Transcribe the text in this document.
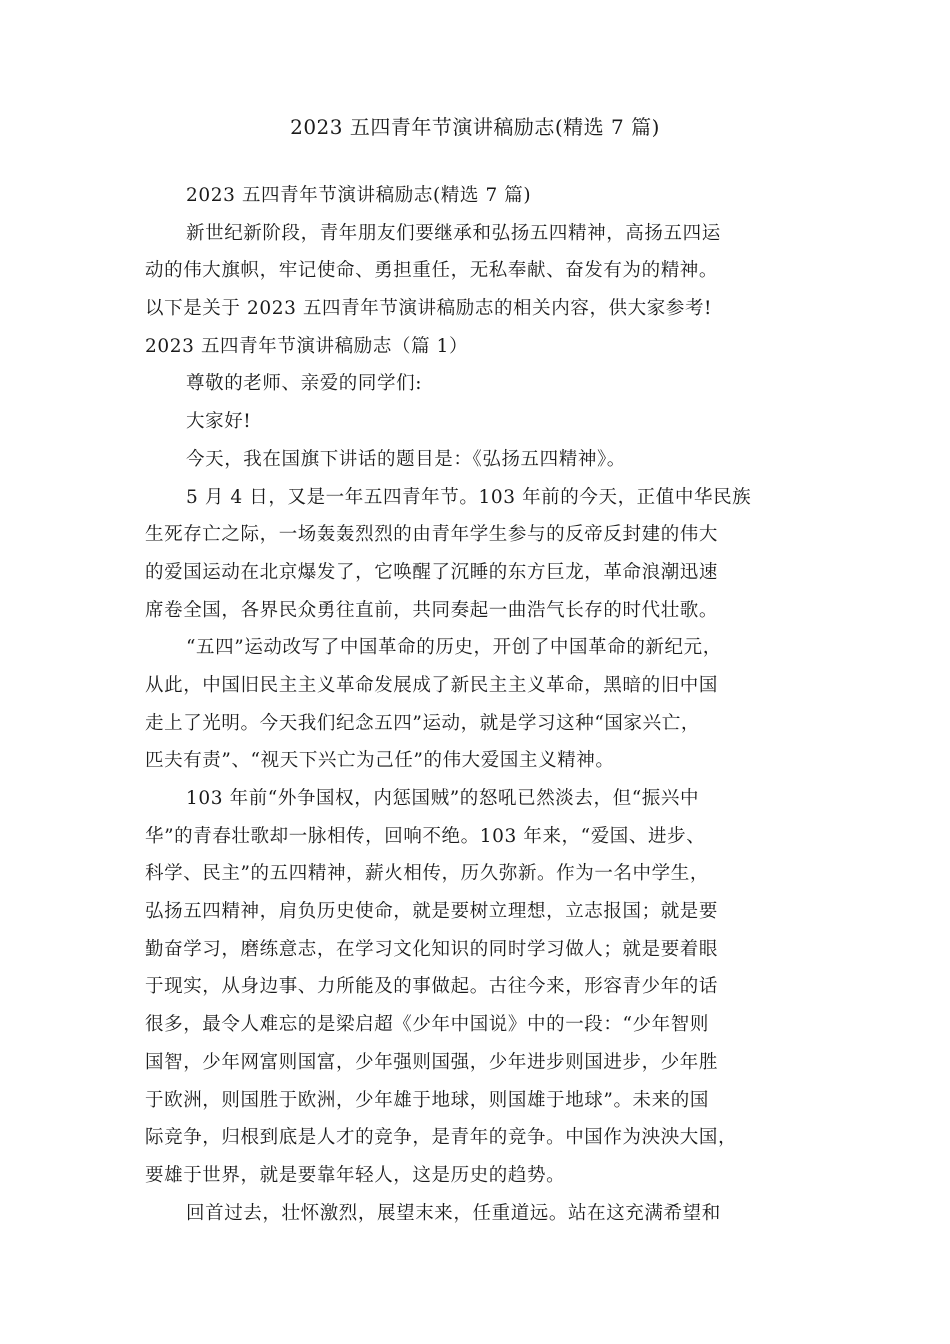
2023 五四青年节演讲稿励志(精选 7 篇)
2023 五四青年节演讲稿励志(精选 7 篇)
新世纪新阶段，青年朋友们要继承和弘扬五四精神，高扬五四运
动的伟大旗帜，牢记使命、勇担重任，无私奉献、奋发有为的精神。
以下是关于 2023 五四青年节演讲稿励志的相关内容，供大家参考!
2023 五四青年节演讲稿励志（篇 1）
尊敬的老师、亲爱的同学们:
大家好!
今天，我在国旗下讲话的题目是：《弘扬五四精神》。
5 月 4 日，又是一年五四青年节。103 年前的今天，正值中华民族
生死存亡之际，一场轰轰烈烈的由青年学生参与的反帝反封建的伟大
的爱国运动在北京爆发了，它唤醒了沉睡的东方巨龙，革命浪潮迅速
席卷全国，各界民众勇往直前，共同奏起一曲浩气长存的时代壮歌。
“五四”运动改写了中国革命的历史，开创了中国革命的新纪元，
从此，中国旧民主主义革命发展成了新民主主义革命，黑暗的旧中国
走上了光明。今天我们纪念五四”运动，就是学习这种“国家兴亡，
匹夫有责”、“视天下兴亡为己任”的伟大爱国主义精神。
103 年前“外争国权，内惩国贼”的怒吼已然淡去，但“振兴中
华”的青春壮歌却一脉相传，回响不绝。103 年来，“爱国、进步、
科学、民主”的五四精神，薪火相传，历久弥新。作为一名中学生，
弘扬五四精神，肩负历史使命，就是要树立理想，立志报国；就是要
勤奋学习，磨练意志，在学习文化知识的同时学习做人；就是要着眼
于现实，从身边事、力所能及的事做起。古往今来，形容青少年的话
很多，最令人难忘的是梁启超《少年中国说》中的一段：“少年智则
国智，少年网富则国富，少年强则国强，少年进步则国进步，少年胜
于欧洲，则国胜于欧洲，少年雄于地球，则国雄于地球”。未来的国
际竞争，归根到底是人才的竞争，是青年的竞争。中国作为泱泱大国，
要雄于世界，就是要靠年轻人，这是历史的趋势。
回首过去，壮怀激烈，展望末来，任重道远。站在这充满希望和
